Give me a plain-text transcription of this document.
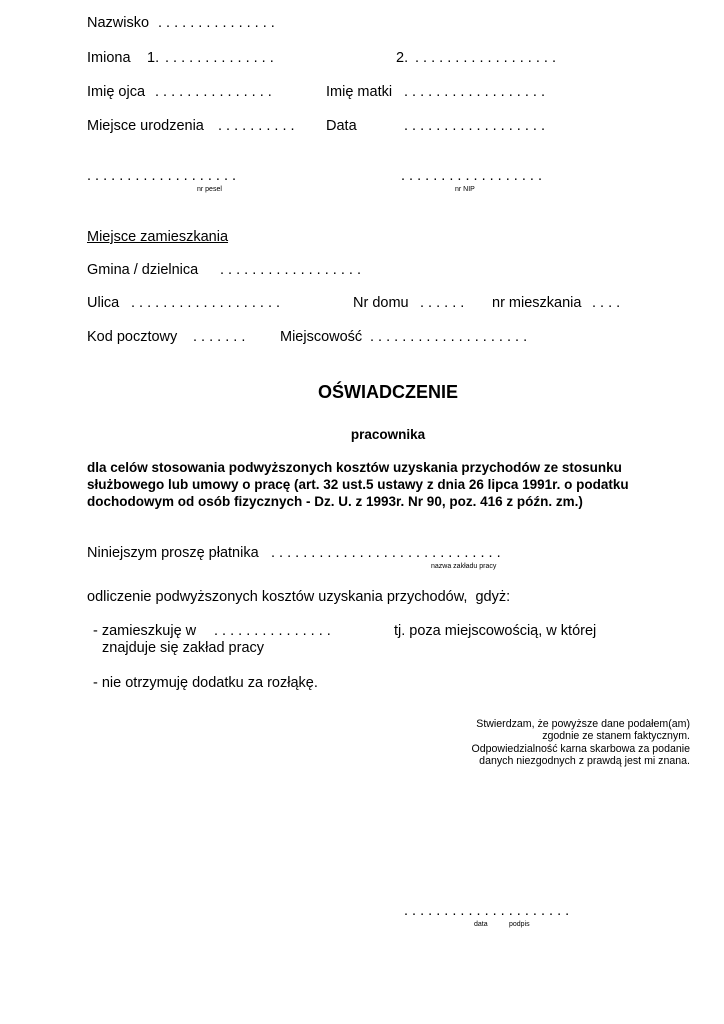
Nazwisko . . . . . . . . . . . . . . .
Imiona 1. . . . . . . . . . . . . . .	2. . . . . . . . . . . . . . . . . . .
Imię ojca . . . . . . . . . . . . . . .	Imię matki . . . . . . . . . . . . . . . . . .
Miejsce urodzenia . . . . . . . . . . Data	. . . . . . . . . . . . . . . . . .
. . . . . . . . . . . . . . . . . . .
nr pesel
. . . . . . . . . . . . . . . . . .
nr NIP
Miejsce zamieszkania
Gmina / dzielnica . . . . . . . . . . . . . . . . . .
Ulica . . . . . . . . . . . . . . . . . . .	Nr domu . . . . . . nr mieszkania . . . .
Kod pocztowy . . . . . . . Miejscowość . . . . . . . . . . . . . . . . . . . .
OŚWIADCZENIE
pracownika
dla celów stosowania podwyższonych kosztów uzyskania przychodów ze stosunku
służbowego lub umowy o pracę (art. 32 ust.5 ustawy z dnia 26 lipca 1991r. o podatku
dochodowym od osób fizycznych - Dz. U. z 1993r. Nr 90, poz. 416 z późn. zm.)
Niniejszym proszę płatnika . . . . . . . . . . . . . . . . . . . . . . . . . . . . .
nazwa zakładu pracy
odliczenie podwyższonych kosztów uzyskania przychodów,  gdyż:
- zamieszkuję w . . . . . . . . . . . . . . .	tj. poza miejscowością, w której
znajduje się zakład pracy
- nie otrzymuję dodatku za rozłąkę.
Stwierdzam, że powyższe dane podałem(am)
zgodnie ze stanem faktycznym.
Odpowiedzialność karna skarbowa za podanie
danych niezgodnych z prawdą jest mi znana.
. . . . . . . . . . . . . . . . . . . . .
data	podpis
